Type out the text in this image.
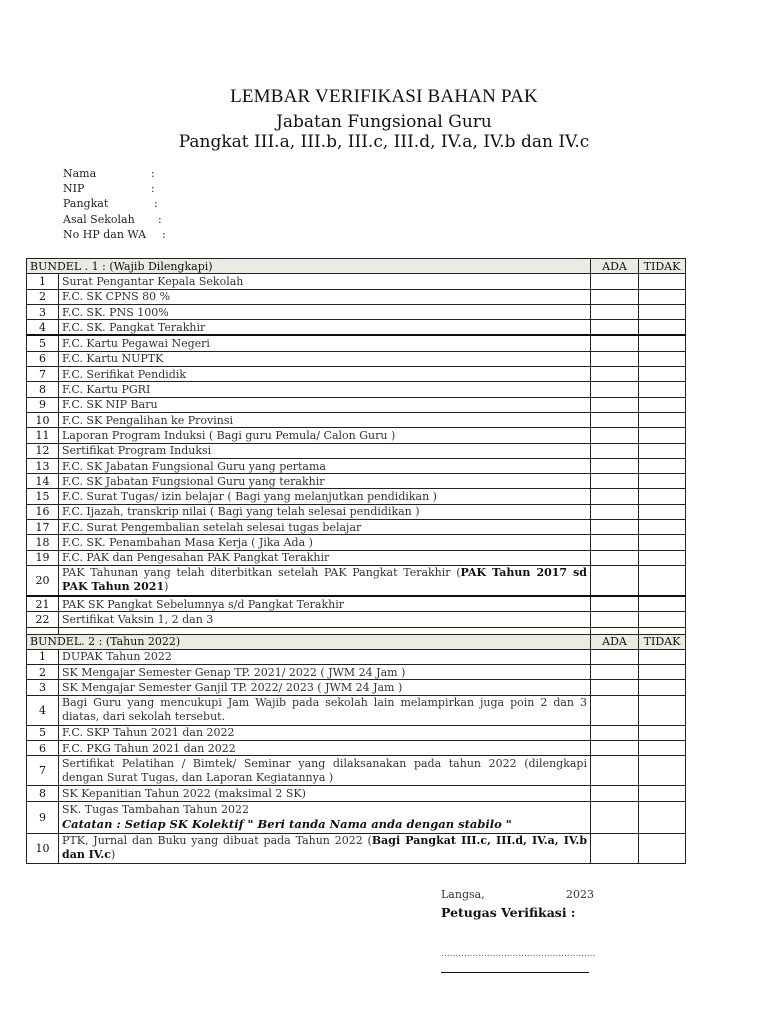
LEMBAR VERIFIKASI BAHAN PAK
Jabatan Fungsional Guru
Pangkat III.a, III.b, III.c, III.d, IV.a, IV.b dan IV.c
Nama	:
NIP	:
Pangkat	:
Asal Sekolah :
No HP dan WA :
BUNDEL . 1 : (Wajib Dilengkapi)		ADA	TIDAK
1	Surat Pengantar Kepala Sekolah		
2	F.C. SK CPNS 80 %		
3	F.C. SK. PNS 100%		
4	F.C. SK. Pangkat Terakhir		
5	F.C. Kartu Pegawai Negeri		
6	F.C. Kartu NUPTK		
7	F.C. Serifikat Pendidik		
8	F.C. Kartu PGRI		
9	F.C. SK NIP Baru		
10	F.C. SK Pengalihan ke Provinsi		
11	Laporan Program Induksi ( Bagi guru Pemula/ Calon Guru )		
12	Sertifikat Program Induksi		
13	F.C. SK Jabatan Fungsional Guru yang pertama		
14	F.C. SK Jabatan Fungsional Guru yang terakhir		
15	F.C. Surat Tugas/ izin belajar ( Bagi yang melanjutkan pendidikan )		
16	F.C. Ijazah, transkrip nilai ( Bagi yang telah selesai pendidikan )		
17	F.C. Surat Pengembalian setelah selesai tugas belajar		
18	F.C. SK. Penambahan Masa Kerja ( Jika Ada )		
19	F.C. PAK dan Pengesahan PAK Pangkat Terakhir		
20	PAK Tahunan yang telah diterbitkan setelah PAK Pangkat Terakhir (PAK Tahun 2017 sd PAK Tahun 2021)		
21	PAK SK Pangkat Sebelumnya s/d Pangkat Terakhir		
22	Sertifikat Vaksin 1, 2 dan 3		

BUNDEL. 2 : (Tahun 2022)		ADA	TIDAK
1	DUPAK Tahun 2022		
2	SK Mengajar Semester Genap TP. 2021/ 2022 ( JWM 24 Jam )		
3	SK Mengajar Semester Ganjil TP. 2022/ 2023 ( JWM 24 Jam )		
4	Bagi Guru yang mencukupi Jam Wajib pada sekolah lain melampirkan juga poin 2 dan 3 diatas, dari sekolah tersebut.		
5	F.C. SKP Tahun 2021 dan 2022		
6	F.C. PKG Tahun 2021 dan 2022		
7	Sertifikat Pelatihan / Bimtek/ Seminar yang dilaksanakan pada tahun 2022 (dilengkapi dengan Surat Tugas, dan Laporan Kegiatannya )		
8	SK Kepanitian Tahun 2022 (maksimal 2 SK)		
9	SK. Tugas Tambahan Tahun 2022
Catatan : Setiap SK Kolektif " Beri tanda Nama anda dengan stabilo "		

10	PTK, Jurnal dan Buku yang dibuat pada Tahun 2022 (Bagi Pangkat III.c, III.d, IV.a, IV.b dan IV.c)		
Langsa,	2023
Petugas Verifikasi :
......................................................
